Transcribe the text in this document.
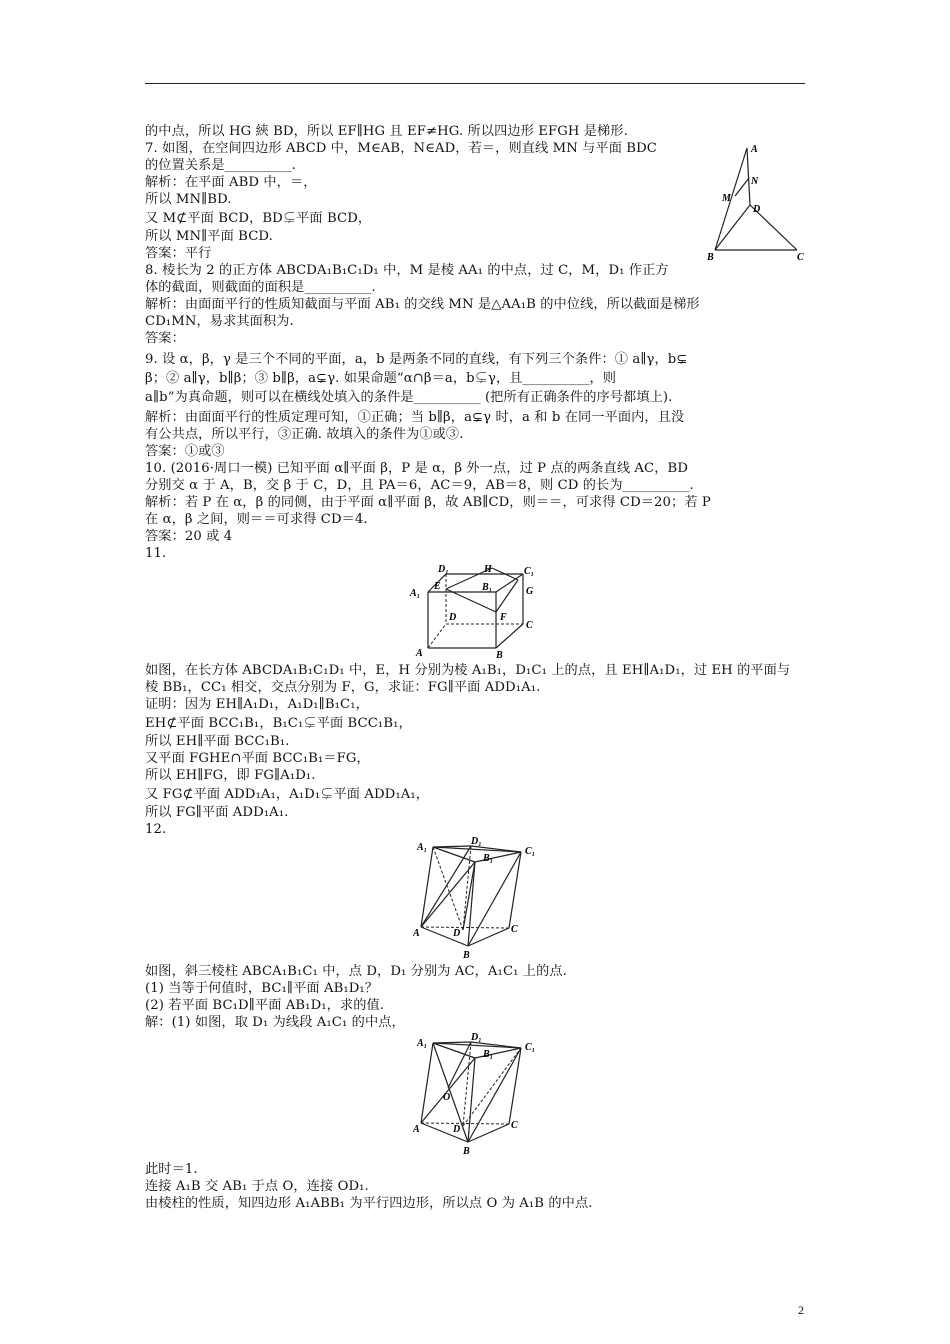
的中点，所以 HG 綊 BD，所以 EF∥HG 且 EF≠HG. 所以四边形 EFGH 是梯形.
7. 如图，在空间四边形 ABCD 中，M∈AB，N∈AD，若＝，则直线 MN 与平面 BDC
的位置关系是__________.
解析：在平面 ABD 中，＝，
所以 MN∥BD.
又 M⊄平面 BCD，BD⊊平面 BCD，
所以 MN∥平面 BCD.
答案：平行
8. 棱长为 2 的正方体 ABCDA₁B₁C₁D₁ 中，M 是棱 AA₁ 的中点，过 C，M，D₁ 作正方
体的截面，则截面的面积是__________.
解析：由面面平行的性质知截面与平面 AB₁ 的交线 MN 是△AA₁B 的中位线，所以截面是梯形
CD₁MN，易求其面积为.
答案：
9. 设 α，β，γ 是三个不同的平面，a，b 是两条不同的直线，有下列三个条件：① a∥γ，b⊊
β；② a∥γ，b∥β；③ b∥β，a⊊γ. 如果命题“α∩β＝a，b⊊γ，且__________，则
a∥b”为真命题，则可以在横线处填入的条件是__________ (把所有正确条件的序号都填上).
解析：由面面平行的性质定理可知，①正确；当 b∥β，a⊊γ 时，a 和 b 在同一平面内，且没
有公共点，所以平行，③正确. 故填入的条件为①或③.
答案：①或③
10. (2016·周口一模) 已知平面 α∥平面 β，P 是 α，β 外一点，过 P 点的两条直线 AC，BD
分别交 α 于 A，B，交 β 于 C，D，且 PA＝6，AC＝9，AB＝8，则 CD 的长为__________.
解析：若 P 在 α，β 的同侧，由于平面 α∥平面 β，故 AB∥CD，则＝＝，可求得 CD＝20；若 P
在 α，β 之间，则＝＝可求得 CD＝4.
答案：20 或 4
11.
如图，在长方体 ABCDA₁B₁C₁D₁ 中，E，H 分别为棱 A₁B₁，D₁C₁ 上的点，且 EH∥A₁D₁，过 EH 的平面与
棱 BB₁，CC₁ 相交，交点分别为 F，G，求证：FG∥平面 ADD₁A₁.
证明：因为 EH∥A₁D₁，A₁D₁∥B₁C₁，
EH⊄平面 BCC₁B₁，B₁C₁⊊平面 BCC₁B₁，
所以 EH∥平面 BCC₁B₁.
又平面 FGHE∩平面 BCC₁B₁＝FG，
所以 EH∥FG，即 FG∥A₁D₁.
又 FG⊄平面 ADD₁A₁，A₁D₁⊊平面 ADD₁A₁，
所以 FG∥平面 ADD₁A₁.
12.
如图，斜三棱柱 ABCA₁B₁C₁ 中，点 D，D₁ 分别为 AC，A₁C₁ 上的点.
(1) 当等于何值时，BC₁∥平面 AB₁D₁？
(2) 若平面 BC₁D∥平面 AB₁D₁，求的值.
解：(1) 如图，取 D₁ 为线段 A₁C₁ 的中点，
此时＝1.
连接 A₁B 交 AB₁ 于点 O，连接 OD₁.
由棱柱的性质，知四边形 A₁ABB₁ 为平行四边形，所以点 O 为 A₁B 的中点.
A
N
M
D
B	C
D₁	H	C₁
E	B₁	G
A₁
D	F
C
A	B
A₁
D₁
B₁
C₁
A	D	C
B
A₁
D₁
B₁
C₁
O
A	D	C
B
2
